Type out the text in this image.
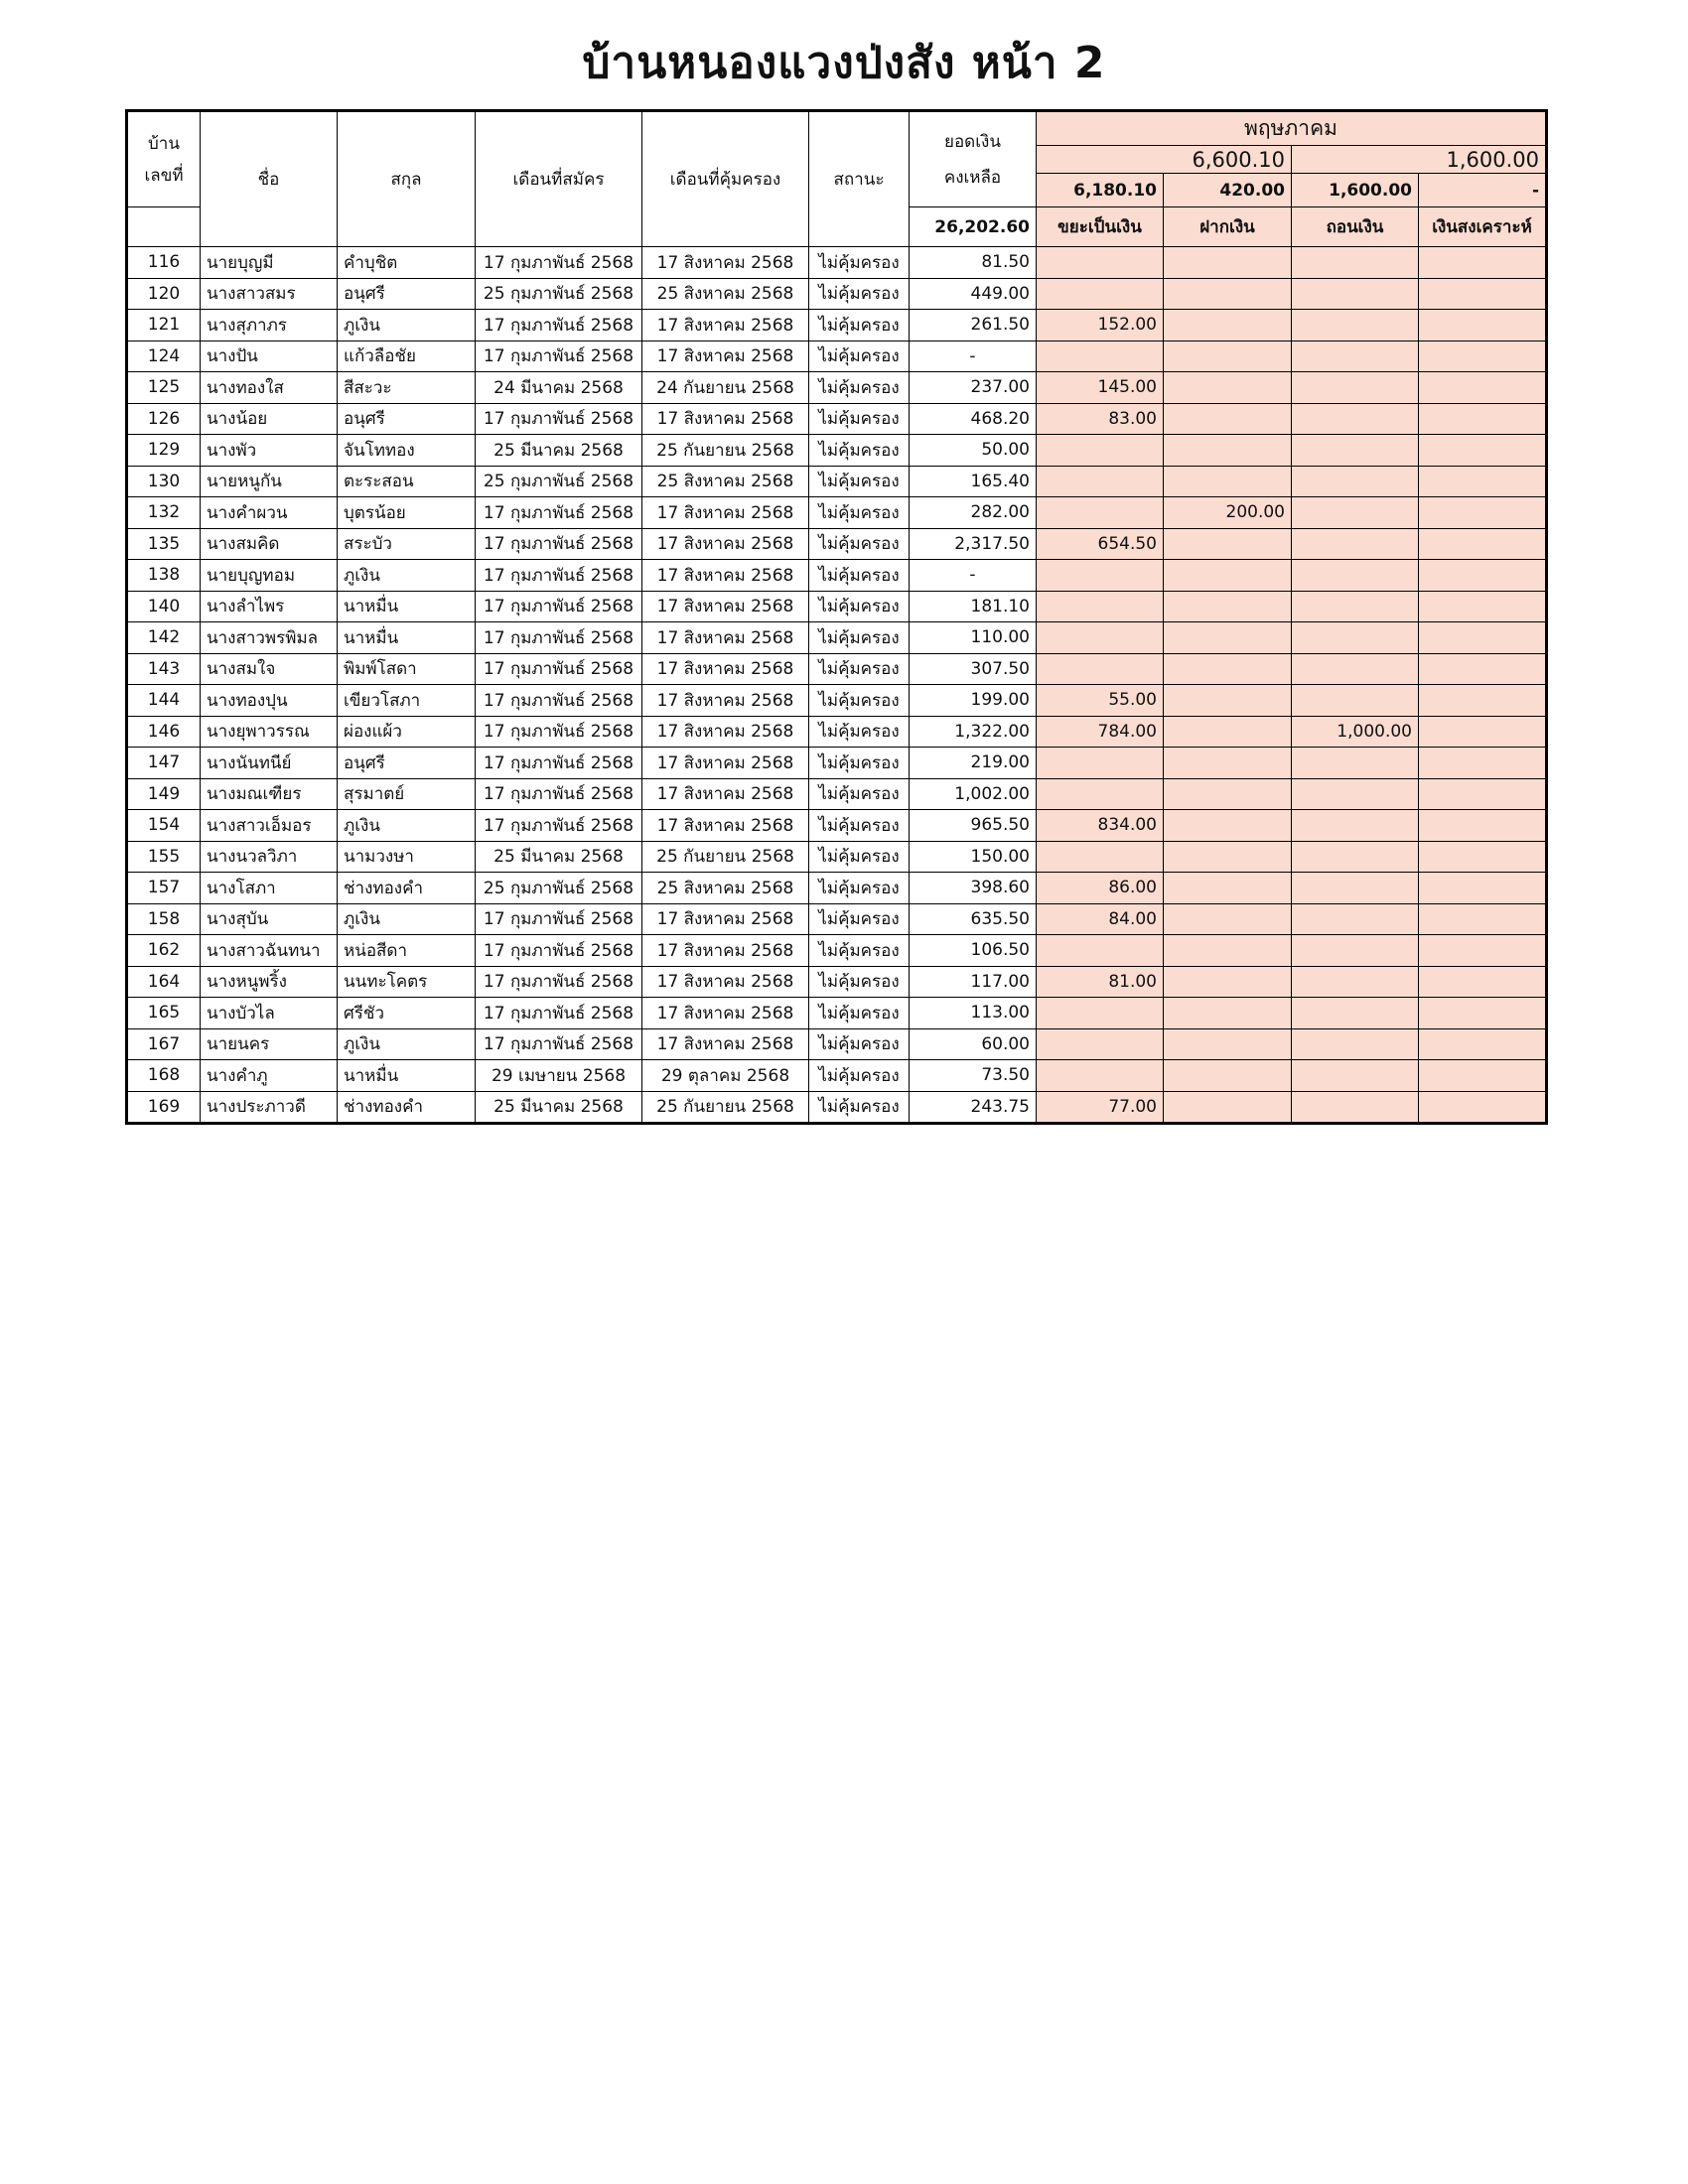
บ้านหนองแวงป่งสัง หน้า 2
บ้าน
เลขที่	ชื่อ	สกุล	เดือนที่สมัคร	เดือนที่คุ้มครอง	สถานะ	ยอดเงิน
คงเหลือ	พฤษภาคม			
							6,600.10		1,600.00	
							6,180.10	420.00	1,600.00	-
						26,202.60	ขยะเป็นเงิน	ฝากเงิน	ถอนเงิน	เงินสงเคราะห์
116	นายบุญมี	คำบุชิต	17 กุมภาพันธ์ 2568	17 สิงหาคม 2568	ไม่คุ้มครอง	81.50				
120	นางสาวสมร	อนุศรี	25 กุมภาพันธ์ 2568	25 สิงหาคม 2568	ไม่คุ้มครอง	449.00				
121	นางสุภาภร	ภูเงิน	17 กุมภาพันธ์ 2568	17 สิงหาคม 2568	ไม่คุ้มครอง	261.50	152.00			
124	นางปัน	แก้วลือชัย	17 กุมภาพันธ์ 2568	17 สิงหาคม 2568	ไม่คุ้มครอง	-				
125	นางทองใส	สีสะวะ	24 มีนาคม 2568	24 กันยายน 2568	ไม่คุ้มครอง	237.00	145.00			
126	นางน้อย	อนุศรี	17 กุมภาพันธ์ 2568	17 สิงหาคม 2568	ไม่คุ้มครอง	468.20	83.00			
129	นางพัว	จันโททอง	25 มีนาคม 2568	25 กันยายน 2568	ไม่คุ้มครอง	50.00				
130	นายหนูกัน	ตะระสอน	25 กุมภาพันธ์ 2568	25 สิงหาคม 2568	ไม่คุ้มครอง	165.40				
132	นางคำผวน	บุตรน้อย	17 กุมภาพันธ์ 2568	17 สิงหาคม 2568	ไม่คุ้มครอง	282.00		200.00		
135	นางสมคิด	สระบัว	17 กุมภาพันธ์ 2568	17 สิงหาคม 2568	ไม่คุ้มครอง	2,317.50	654.50			
138	นายบุญทอม	ภูเงิน	17 กุมภาพันธ์ 2568	17 สิงหาคม 2568	ไม่คุ้มครอง	-				
140	นางลำไพร	นาหมื่น	17 กุมภาพันธ์ 2568	17 สิงหาคม 2568	ไม่คุ้มครอง	181.10				
142	นางสาวพรพิมล	นาหมื่น	17 กุมภาพันธ์ 2568	17 สิงหาคม 2568	ไม่คุ้มครอง	110.00				
143	นางสมใจ	พิมพ์โสดา	17 กุมภาพันธ์ 2568	17 สิงหาคม 2568	ไม่คุ้มครอง	307.50				
144	นางทองปุน	เขียวโสภา	17 กุมภาพันธ์ 2568	17 สิงหาคม 2568	ไม่คุ้มครอง	199.00	55.00			
146	นางยุพาวรรณ	ผ่องแผ้ว	17 กุมภาพันธ์ 2568	17 สิงหาคม 2568	ไม่คุ้มครอง	1,322.00	784.00		1,000.00	
147	นางนันทนีย์	อนุศรี	17 กุมภาพันธ์ 2568	17 สิงหาคม 2568	ไม่คุ้มครอง	219.00				
149	นางมณเฑียร	สุรมาตย์	17 กุมภาพันธ์ 2568	17 สิงหาคม 2568	ไม่คุ้มครอง	1,002.00				
154	นางสาวเอ็มอร	ภูเงิน	17 กุมภาพันธ์ 2568	17 สิงหาคม 2568	ไม่คุ้มครอง	965.50	834.00			
155	นางนวลวิภา	นามวงษา	25 มีนาคม 2568	25 กันยายน 2568	ไม่คุ้มครอง	150.00				
157	นางโสภา	ช่างทองคำ	25 กุมภาพันธ์ 2568	25 สิงหาคม 2568	ไม่คุ้มครอง	398.60	86.00			
158	นางสุบัน	ภูเงิน	17 กุมภาพันธ์ 2568	17 สิงหาคม 2568	ไม่คุ้มครอง	635.50	84.00			
162	นางสาวฉันทนา	หน่อสีดา	17 กุมภาพันธ์ 2568	17 สิงหาคม 2568	ไม่คุ้มครอง	106.50				
164	นางหนูพริ้ง	นนทะโคตร	17 กุมภาพันธ์ 2568	17 สิงหาคม 2568	ไม่คุ้มครอง	117.00	81.00			
165	นางบัวไล	ศรีชัว	17 กุมภาพันธ์ 2568	17 สิงหาคม 2568	ไม่คุ้มครอง	113.00				
167	นายนคร	ภูเงิน	17 กุมภาพันธ์ 2568	17 สิงหาคม 2568	ไม่คุ้มครอง	60.00				
168	นางคำภู	นาหมื่น	29 เมษายน 2568	29 ตุลาคม 2568	ไม่คุ้มครอง	73.50				
169	นางประภาวดี	ช่างทองคำ	25 มีนาคม 2568	25 กันยายน 2568	ไม่คุ้มครอง	243.75	77.00			
